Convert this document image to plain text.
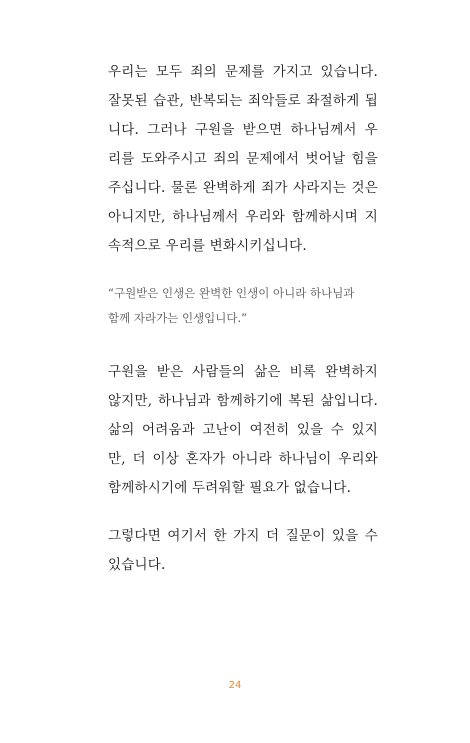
우리는 모두 죄의 문제를 가지고 있습니다.
잘못된 습관, 반복되는 죄악들로 좌절하게 됩
니다. 그러나 구원을 받으면 하나님께서 우
리를 도와주시고 죄의 문제에서 벗어날 힘을
주십니다. 물론 완벽하게 죄가 사라지는 것은
아니지만, 하나님께서 우리와 함께하시며 지
속적으로 우리를 변화시키십니다.

“구원받은 인생은 완벽한 인생이 아니라 하나님과
함께 자라가는 인생입니다.”

구원을 받은 사람들의 삶은 비록 완벽하지
않지만, 하나님과 함께하기에 복된 삶입니다.
삶의 어려움과 고난이 여전히 있을 수 있지
만, 더 이상 혼자가 아니라 하나님이 우리와
함께하시기에 두려워할 필요가 없습니다.

그렇다면 여기서 한 가지 더 질문이 있을 수
있습니다.

24
